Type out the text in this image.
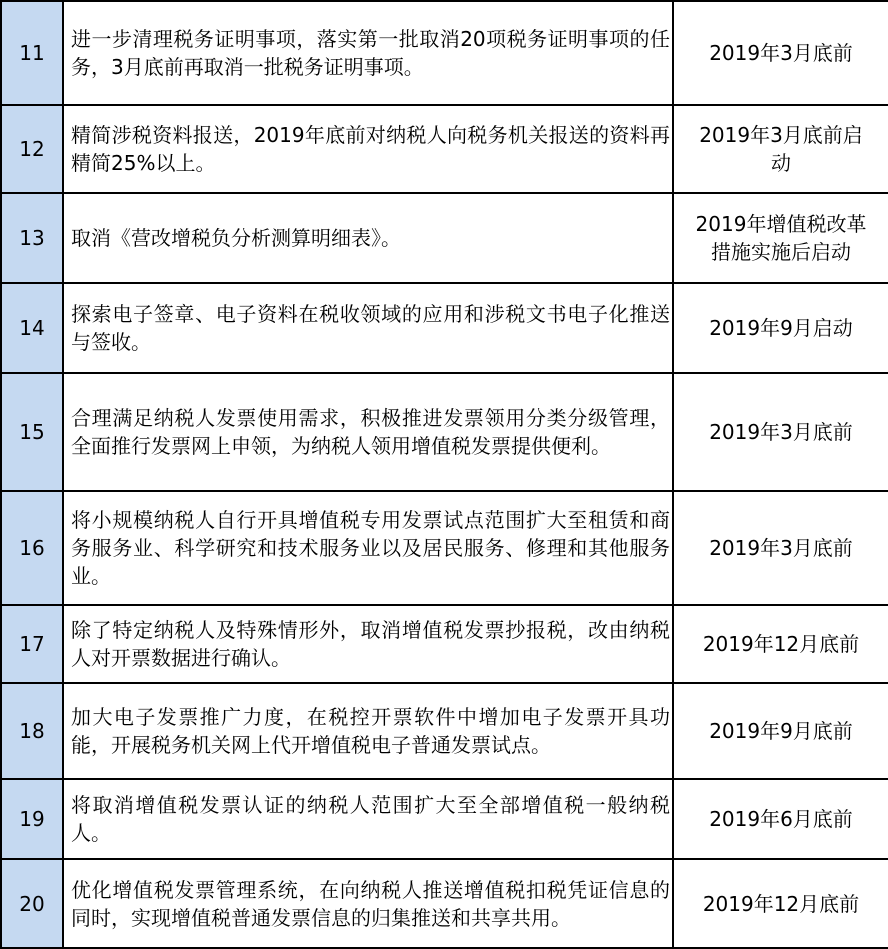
11	进一步清理税务证明事项，落实第一批取消20项税务证明事项的任务，3月底前再取消一批税务证明事项。	2019年3月底前
12	精简涉税资料报送，2019年底前对纳税人向税务机关报送的资料再精简25%以上。	2019年3月底前启动

13	取消《营改增税负分析测算明细表》。	2019年增值税改革措施实施后启动

14	探索电子签章、电子资料在税收领域的应用和涉税文书电子化推送与签收。	2019年9月启动
15	合理满足纳税人发票使用需求，积极推进发票领用分类分级管理，全面推行发票网上申领，为纳税人领用增值税发票提供便利。	2019年3月底前
16	将小规模纳税人自行开具增值税专用发票试点范围扩大至租赁和商务服务业、科学研究和技术服务业以及居民服务、修理和其他服务业。	2019年3月底前
17	除了特定纳税人及特殊情形外，取消增值税发票抄报税，改由纳税人对开票数据进行确认。	2019年12月底前
18	加大电子发票推广力度，在税控开票软件中增加电子发票开具功能，开展税务机关网上代开增值税电子普通发票试点。	2019年9月底前
19	将取消增值税发票认证的纳税人范围扩大至全部增值税一般纳税人。	2019年6月底前
20	优化增值税发票管理系统，在向纳税人推送增值税扣税凭证信息的同时，实现增值税普通发票信息的归集推送和共享共用。	2019年12月底前
